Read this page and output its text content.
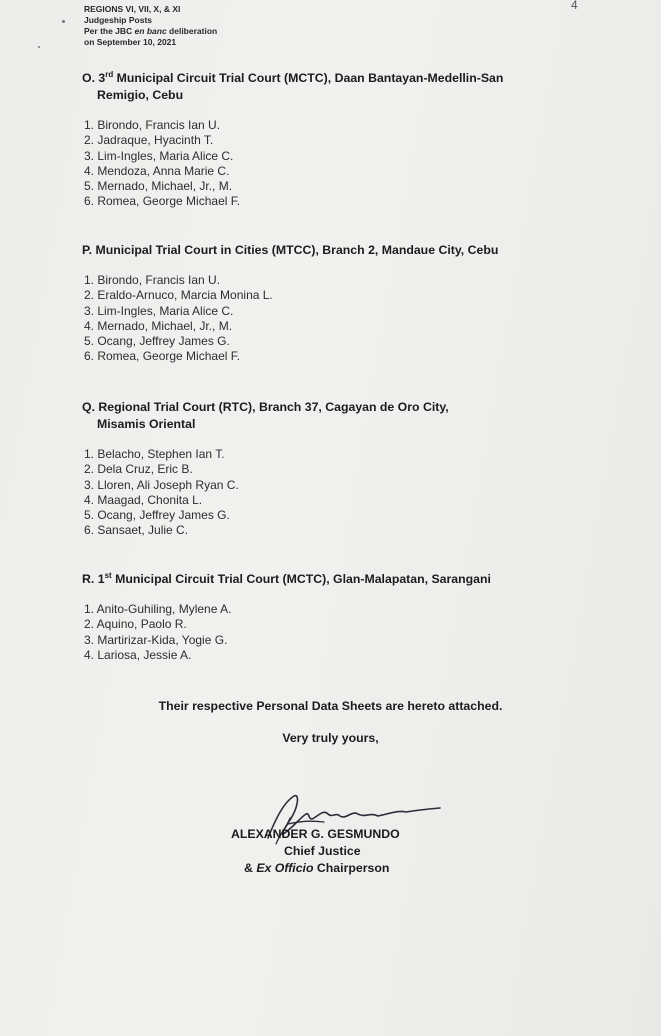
REGIONS VI, VII, X, & XI
Judgeship Posts
Per the JBC en banc deliberation
on September 10, 2021
4
O. 3rd Municipal Circuit Trial Court (MCTC), Daan Bantayan-Medellin-San
Remigio, Cebu
1. Birondo, Francis Ian U.
2. Jadraque, Hyacinth T.
3. Lim-Ingles, Maria Alice C.
4. Mendoza, Anna Marie C.
5. Mernado, Michael, Jr., M.
6. Romea, George Michael F.
P. Municipal Trial Court in Cities (MTCC), Branch 2, Mandaue City, Cebu
1. Birondo, Francis Ian U.
2. Eraldo-Arnuco, Marcia Monina L.
3. Lim-Ingles, Maria Alice C.
4. Mernado, Michael, Jr., M.
5. Ocang, Jeffrey James G.
6. Romea, George Michael F.
Q. Regional Trial Court (RTC), Branch 37, Cagayan de Oro City,
Misamis Oriental
1. Belacho, Stephen Ian T.
2. Dela Cruz, Eric B.
3. Lloren, Ali Joseph Ryan C.
4. Maagad, Chonita L.
5. Ocang, Jeffrey James G.
6. Sansaet, Julie C.
R. 1st Municipal Circuit Trial Court (MCTC), Glan-Malapatan, Sarangani
1. Anito-Guhiling, Mylene A.
2. Aquino, Paolo R.
3. Martirizar-Kida, Yogie G.
4. Lariosa, Jessie A.
Their respective Personal Data Sheets are hereto attached.
Very truly yours,
ALEXANDER G. GESMUNDO
Chief Justice
& Ex Officio Chairperson
